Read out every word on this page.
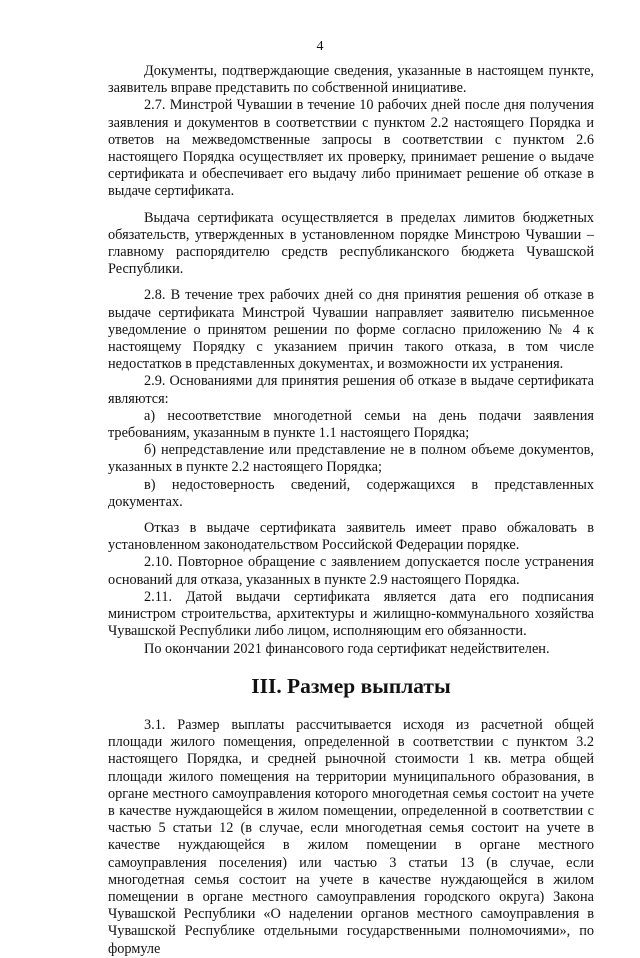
4

Документы, подтверждающие сведения, указанные в настоящем пункте, заявитель вправе представить по собственной инициативе.

2.7. Минстрой Чувашии в течение 10 рабочих дней после дня получения заявления и документов в соответствии с пунктом 2.2 настоящего Порядка и ответов на межведомственные запросы в соответствии с пунктом 2.6 настоящего Порядка осуществляет их проверку, принимает решение о выдаче сертификата и обеспечивает его выдачу либо принимает решение об отказе в выдаче сертификата.

Выдача сертификата осуществляется в пределах лимитов бюджетных обязательств, утвержденных в установленном порядке Минстрою Чувашии – главному распорядителю средств республиканского бюджета Чувашской Республики.

2.8. В течение трех рабочих дней со дня принятия решения об отказе в выдаче сертификата Минстрой Чувашии направляет заявителю письменное уведомление о принятом решении по форме согласно приложению № 4 к настоящему Порядку с указанием причин такого отказа, в том числе недостатков в представленных документах, и возможности их устранения.

2.9. Основаниями для принятия решения об отказе в выдаче сертификата являются:

а) несоответствие многодетной семьи на день подачи заявления требованиям, указанным в пункте 1.1 настоящего Порядка;

б) непредставление или представление не в полном объеме документов, указанных в пункте 2.2 настоящего Порядка;

в) недостоверность сведений, содержащихся в представленных документах.

Отказ в выдаче сертификата заявитель имеет право обжаловать в установленном законодательством Российской Федерации порядке.

2.10. Повторное обращение с заявлением допускается после устранения оснований для отказа, указанных в пункте 2.9 настоящего Порядка.

2.11. Датой выдачи сертификата является дата его подписания министром строительства, архитектуры и жилищно-коммунального хозяйства Чувашской Республики либо лицом, исполняющим его обязанности.

По окончании 2021 финансового года сертификат недействителен.

III. Размер выплаты

3.1. Размер выплаты рассчитывается исходя из расчетной общей площади жилого помещения, определенной в соответствии с пунктом 3.2 настоящего Порядка, и средней рыночной стоимости 1 кв. метра общей площади жилого помещения на территории муниципального образования, в органе местного самоуправления которого многодетная семья состоит на учете в качестве нуждающейся в жилом помещении, определенной в соответствии с частью 5 статьи 12 (в случае, если многодетная семья состоит на учете в качестве нуждающейся в жилом помещении в органе местного самоуправления поселения) или частью 3 статьи 13 (в случае, если многодетная семья состоит на учете в качестве нуждающейся в жилом помещении в органе местного самоуправления городского округа) Закона Чувашской Республики «О наделении органов местного самоуправления в Чувашской Республике отдельными государственными полномочиями», по формуле
